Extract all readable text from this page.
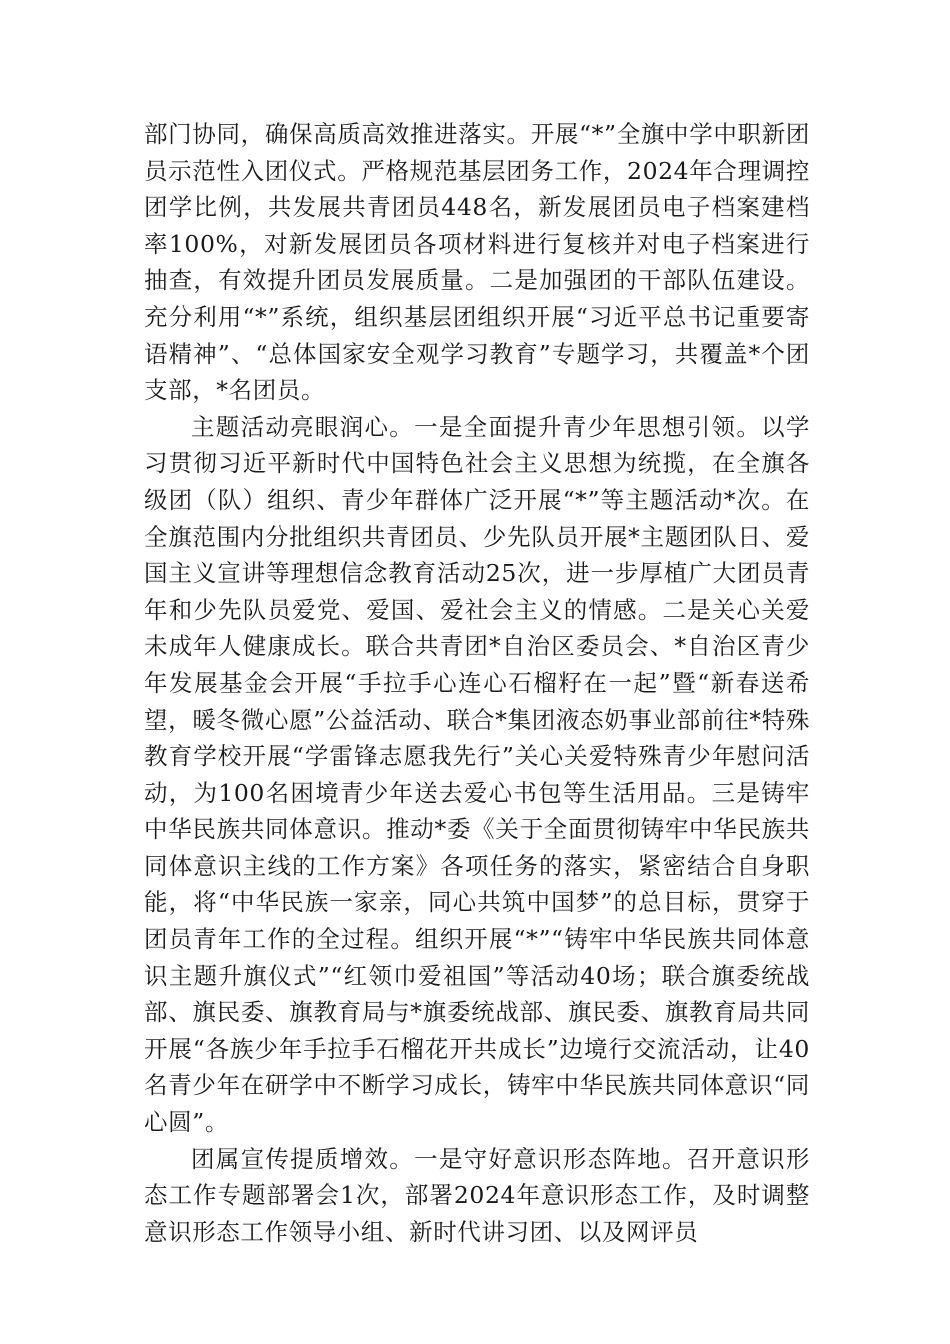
部门协同，确保高质高效推进落实。开展“*”全旗中学中职新团员示范性入团仪式。严格规范基层团务工作，2024年合理调控团学比例，共发展共青团员448名，新发展团员电子档案建档率100%，对新发展团员各项材料进行复核并对电子档案进行抽查，有效提升团员发展质量。二是加强团的干部队伍建设。充分利用“*”系统，组织基层团组织开展“习近平总书记重要寄语精神”、“总体国家安全观学习教育”专题学习，共覆盖*个团支部，*名团员。

主题活动亮眼润心。一是全面提升青少年思想引领。以学习贯彻习近平新时代中国特色社会主义思想为统揽，在全旗各级团（队）组织、青少年群体广泛开展“*”等主题活动*次。在全旗范围内分批组织共青团员、少先队员开展*主题团队日、爱国主义宣讲等理想信念教育活动25次，进一步厚植广大团员青年和少先队员爱党、爱国、爱社会主义的情感。二是关心关爱未成年人健康成长。联合共青团*自治区委员会、*自治区青少年发展基金会开展“手拉手心连心石榴籽在一起”暨“新春送希望，暖冬微心愿”公益活动、联合*集团液态奶事业部前往*特殊教育学校开展“学雷锋志愿我先行”关心关爱特殊青少年慰问活动，为100名困境青少年送去爱心书包等生活用品。三是铸牢中华民族共同体意识。推动*委《关于全面贯彻铸牢中华民族共同体意识主线的工作方案》各项任务的落实，紧密结合自身职能，将“中华民族一家亲，同心共筑中国梦”的总目标，贯穿于团员青年工作的全过程。组织开展“*”“铸牢中华民族共同体意识主题升旗仪式”“红领巾爱祖国”等活动40场；联合旗委统战部、旗民委、旗教育局与*旗委统战部、旗民委、旗教育局共同开展“各族少年手拉手石榴花开共成长”边境行交流活动，让40名青少年在研学中不断学习成长，铸牢中华民族共同体意识“同心圆”。

团属宣传提质增效。一是守好意识形态阵地。召开意识形态工作专题部署会1次，部署2024年意识形态工作，及时调整意识形态工作领导小组、新时代讲习团、以及网评员
